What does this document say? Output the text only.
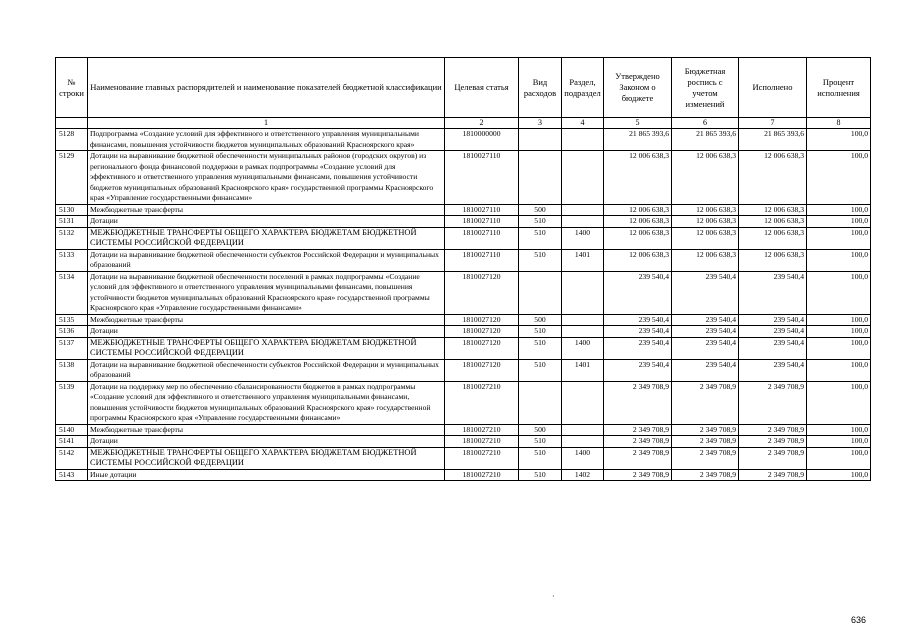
№ строки	Наименование главных распорядителей и наименование показателей бюджетной классификации	Целевая статья	Вид расходов	Раздел, подраздел	Утверждено Законом о бюджете	Бюджетная роспись с учетом изменений	Исполнено	Процент исполнения
	1	2	3	4	5	6	7	8
5128	Подпрограмма «Создание условий для эффективного и ответственного управления муниципальными финансами, повышения устойчивости бюджетов муниципальных образований Красноярского края»	1810000000			21 865 393,6	21 865 393,6	21 865 393,6	100,0
5129	Дотации на выравнивание бюджетной обеспеченности муниципальных районов (городских округов) из регионального фонда финансовой поддержки в рамках подпрограммы «Создание условий для эффективного и ответственного управления муниципальными финансами, повышения устойчивости бюджетов муниципальных образований Красноярского края» государственной программы Красноярского края «Управление государственными финансами»	1810027110			12 006 638,3	12 006 638,3	12 006 638,3	100,0
5130	Межбюджетные трансферты	1810027110	500		12 006 638,3	12 006 638,3	12 006 638,3	100,0
5131	Дотации	1810027110	510		12 006 638,3	12 006 638,3	12 006 638,3	100,0
5132	МЕЖБЮДЖЕТНЫЕ ТРАНСФЕРТЫ ОБЩЕГО ХАРАКТЕРА БЮДЖЕТАМ БЮДЖЕТНОЙ СИСТЕМЫ РОССИЙСКОЙ ФЕДЕРАЦИИ	1810027110	510	1400	12 006 638,3	12 006 638,3	12 006 638,3	100,0
5133	Дотации на выравнивание бюджетной обеспеченности субъектов Российской Федерации и муниципальных образований	1810027110	510	1401	12 006 638,3	12 006 638,3	12 006 638,3	100,0
5134	Дотации на выравнивание бюджетной обеспеченности поселений в рамках подпрограммы «Создание условий для эффективного и ответственного управления муниципальными финансами, повышения устойчивости бюджетов муниципальных образований Красноярского края» государственной программы Красноярского края «Управление государственными финансами»	1810027120			239 540,4	239 540,4	239 540,4	100,0
5135	Межбюджетные трансферты	1810027120	500		239 540,4	239 540,4	239 540,4	100,0
5136	Дотации	1810027120	510		239 540,4	239 540,4	239 540,4	100,0
5137	МЕЖБЮДЖЕТНЫЕ ТРАНСФЕРТЫ ОБЩЕГО ХАРАКТЕРА БЮДЖЕТАМ БЮДЖЕТНОЙ СИСТЕМЫ РОССИЙСКОЙ ФЕДЕРАЦИИ	1810027120	510	1400	239 540,4	239 540,4	239 540,4	100,0
5138	Дотации на выравнивание бюджетной обеспеченности субъектов Российской Федерации и муниципальных образований	1810027120	510	1401	239 540,4	239 540,4	239 540,4	100,0
5139	Дотации на поддержку мер по обеспечению сбалансированности бюджетов в рамках подпрограммы «Создание условий для эффективного и ответственного управления муниципальными финансами, повышения устойчивости бюджетов муниципальных образований Красноярского края» государственной программы Красноярского края «Управление государственными финансами»	1810027210			2 349 708,9	2 349 708,9	2 349 708,9	100,0
5140	Межбюджетные трансферты	1810027210	500		2 349 708,9	2 349 708,9	2 349 708,9	100,0
5141	Дотации	1810027210	510		2 349 708,9	2 349 708,9	2 349 708,9	100,0
5142	МЕЖБЮДЖЕТНЫЕ ТРАНСФЕРТЫ ОБЩЕГО ХАРАКТЕРА БЮДЖЕТАМ БЮДЖЕТНОЙ СИСТЕМЫ РОССИЙСКОЙ ФЕДЕРАЦИИ	1810027210	510	1400	2 349 708,9	2 349 708,9	2 349 708,9	100,0
5143	Иные дотации	1810027210	510	1402	2 349 708,9	2 349 708,9	2 349 708,9	100,0
·
636
